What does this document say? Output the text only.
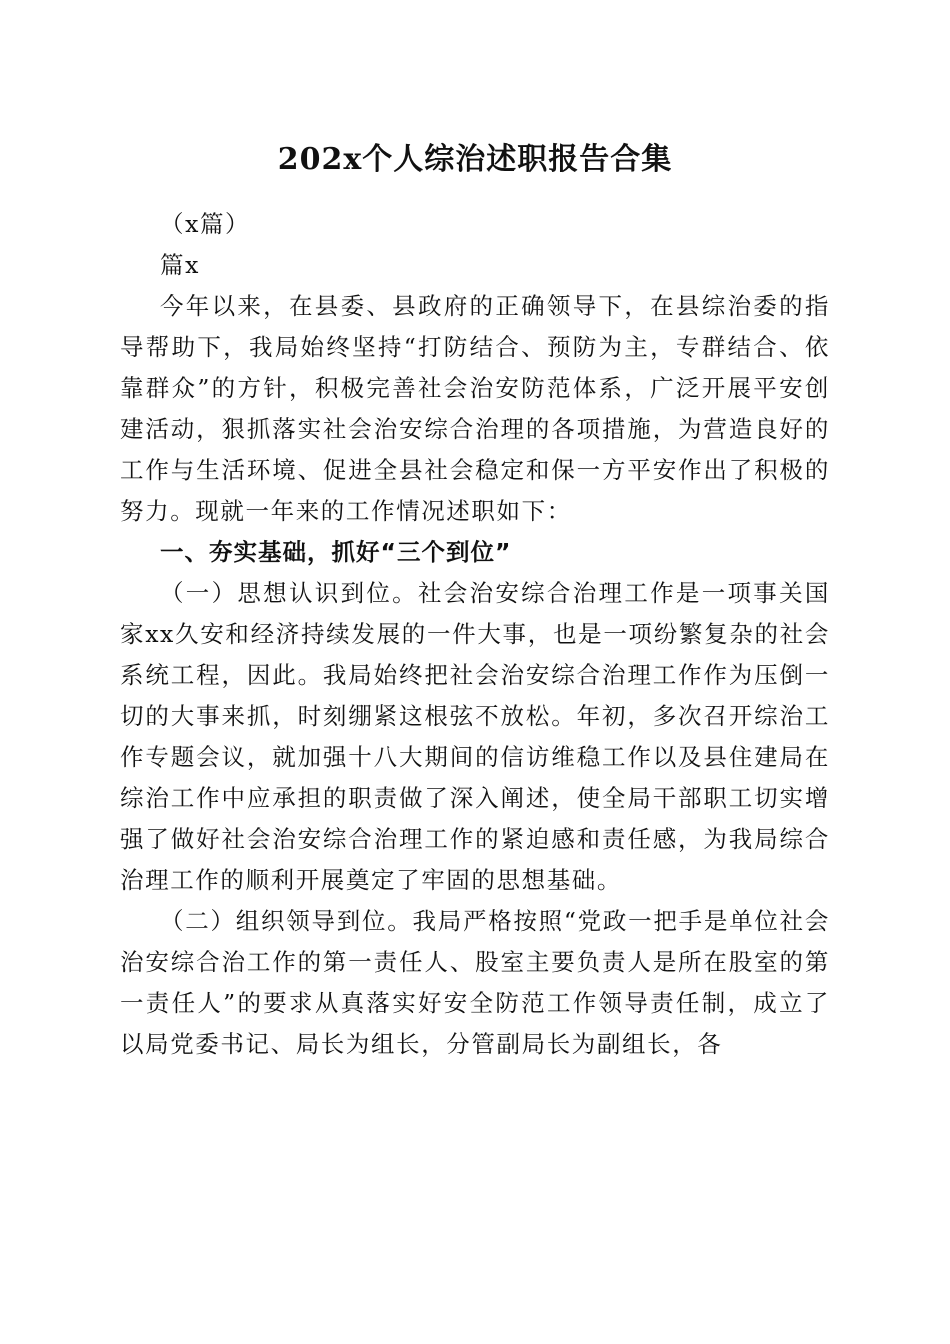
202x个人综治述职报告合集

（x篇）

篇x

今年以来，在县委、县政府的正确领导下，在县综治委的指导帮助下，我局始终坚持“打防结合、预防为主，专群结合、依靠群众”的方针，积极完善社会治安防范体系，广泛开展平安创建活动，狠抓落实社会治安综合治理的各项措施，为营造良好的工作与生活环境、促进全县社会稳定和保一方平安作出了积极的努力。现就一年来的工作情况述职如下：

一、夯实基础，抓好“三个到位”

（一）思想认识到位。社会治安综合治理工作是一项事关国家xx久安和经济持续发展的一件大事，也是一项纷繁复杂的社会系统工程，因此。我局始终把社会治安综合治理工作作为压倒一切的大事来抓，时刻绷紧这根弦不放松。年初，多次召开综治工作专题会议，就加强十八大期间的信访维稳工作以及县住建局在综治工作中应承担的职责做了深入阐述，使全局干部职工切实增强了做好社会治安综合治理工作的紧迫感和责任感，为我局综合治理工作的顺利开展奠定了牢固的思想基础。

（二）组织领导到位。我局严格按照“党政一把手是单位社会治安综合治工作的第一责任人、股室主要负责人是所在股室的第一责任人”的要求从真落实好安全防范工作领导责任制，成立了以局党委书记、局长为组长，分管副局长为副组长，各
